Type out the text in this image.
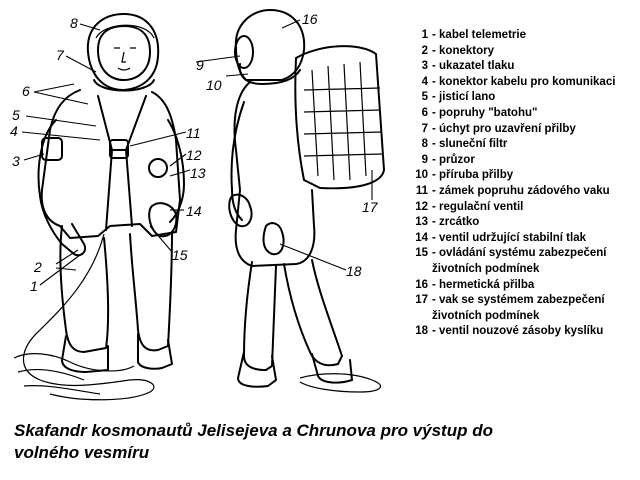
1
2
3
4
5
6
7
8
9
10
11
12
13
14
15
16
17
18
1 - kabel telemetrie
2 - konektory
3 - ukazatel tlaku
4 - konektor kabelu pro komunikaci
5 - jisticí lano
6 - popruhy "batohu"
7 - úchyt pro uzavření přilby
8 - sluneční filtr
9 - průzor
10 - příruba přilby
11 - zámek popruhu zádového vaku
12 - regulační ventil
13 - zrcátko
14 - ventil udržující stabilní tlak
15 - ovládání systému zabezpečení
životních podmínek
16 - hermetická přilba
17 - vak se systémem zabezpečení
životních podmínek
18 - ventil nouzové zásoby kyslíku

Skafandr kosmonautů Jelisejeva a Chrunova pro výstup do
volného vesmíru
